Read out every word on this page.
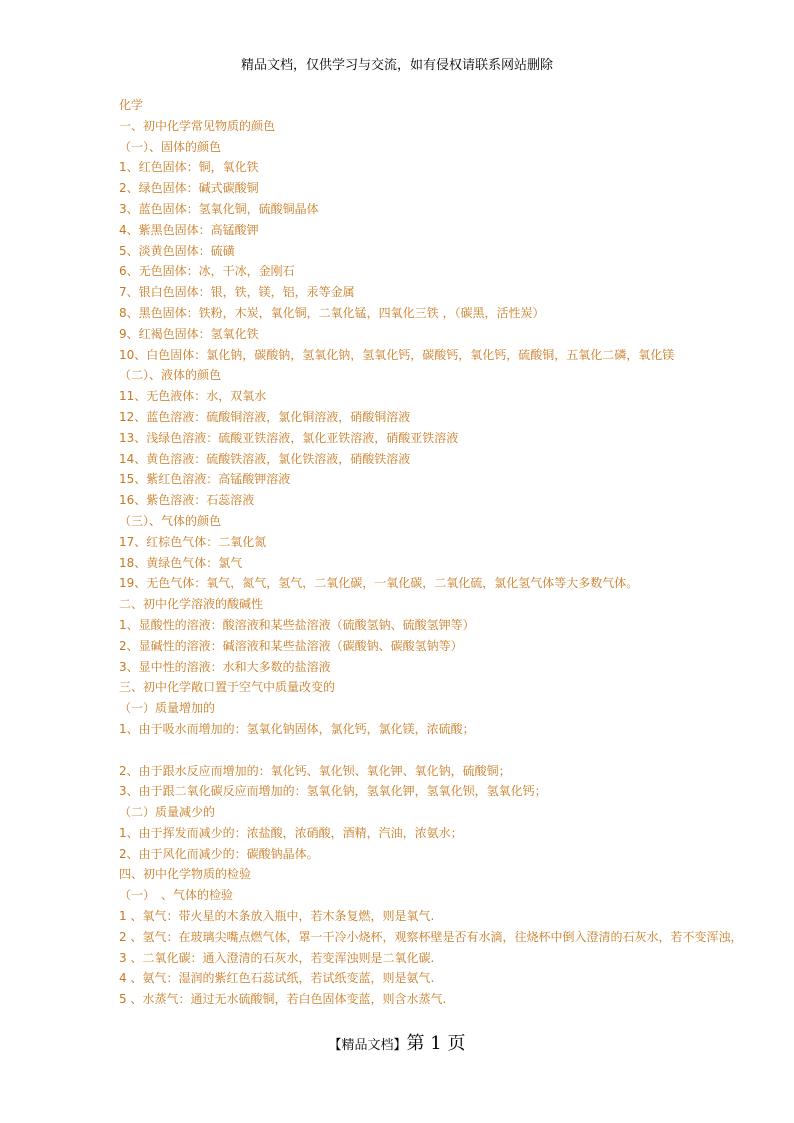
精品文档，仅供学习与交流，如有侵权请联系网站删除
化学
一、初中化学常见物质的颜色
（一）、固体的颜色
1、红色固体：铜，氧化铁
2、绿色固体：碱式碳酸铜
3、蓝色固体：氢氧化铜，硫酸铜晶体
4、紫黑色固体：高锰酸钾
5、淡黄色固体：硫磺
6、无色固体：冰，干冰，金刚石
7、银白色固体：银，铁，镁，铝，汞等金属
8、黑色固体：铁粉，木炭，氧化铜，二氧化锰，四氧化三铁 ，（碳黑，活性炭）
9、红褐色固体：氢氧化铁
10、白色固体：氯化钠，碳酸钠，氢氧化钠，氢氧化钙，碳酸钙，氧化钙，硫酸铜，五氧化二磷，氧化镁
（二）、液体的颜色
11、无色液体：水，双氧水
12、蓝色溶液：硫酸铜溶液，氯化铜溶液，硝酸铜溶液
13、浅绿色溶液：硫酸亚铁溶液，氯化亚铁溶液，硝酸亚铁溶液
14、黄色溶液：硫酸铁溶液，氯化铁溶液，硝酸铁溶液
15、紫红色溶液：高锰酸钾溶液
16、紫色溶液：石蕊溶液
（三）、气体的颜色
17、红棕色气体：二氧化氮
18、黄绿色气体：氯气
19、无色气体：氧气，氮气，氢气，二氧化碳，一氧化碳，二氧化硫，氯化氢气体等大多数气体。
二、初中化学溶液的酸碱性
1、显酸性的溶液：酸溶液和某些盐溶液（硫酸氢钠、硫酸氢钾等）
2、显碱性的溶液：碱溶液和某些盐溶液（碳酸钠、碳酸氢钠等）
3、显中性的溶液：水和大多数的盐溶液
三、初中化学敞口置于空气中质量改变的
（一）质量增加的
1、由于吸水而增加的：氢氧化钠固体，氯化钙，氯化镁，浓硫酸；
2、由于跟水反应而增加的：氧化钙、氧化钡、氧化钾、氧化钠，硫酸铜；
3、由于跟二氧化碳反应而增加的：氢氧化钠，氢氧化钾，氢氧化钡，氢氧化钙；
（二）质量减少的
1、由于挥发而减少的：浓盐酸，浓硝酸，酒精，汽油，浓氨水；
2、由于风化而减少的：碳酸钠晶体。
四、初中化学物质的检验
（一）　、气体的检验
1 、氧气：带火星的木条放入瓶中，若木条复燃，则是氧气.
2 、氢气：在玻璃尖嘴点燃气体，罩一干冷小烧杯，观察杯壁是否有水滴，往烧杯中倒入澄清的石灰水，若不变浑浊，
3 、二氧化碳：通入澄清的石灰水，若变浑浊则是二氧化碳.
4 、氨气：湿润的紫红色石蕊试纸，若试纸变蓝，则是氨气.
5 、水蒸气：通过无水硫酸铜，若白色固体变蓝，则含水蒸气.
【精品文档】第 1 页
